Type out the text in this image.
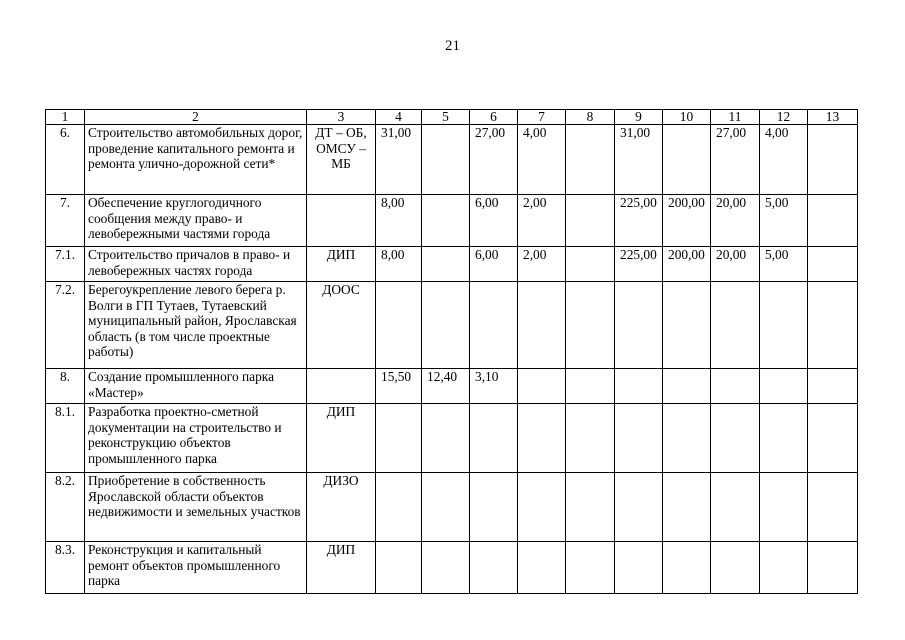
21
1	2	3	4	5	6	7	8	9	10	11	12	13
6.	Строительство автомобильных дорог, проведение капитального ремонта и ремонта улично-дорожной сети*	ДТ – ОБ, ОМСУ – МБ	31,00		27,00	4,00		31,00		27,00	4,00	
7.	Обеспечение круглогодичного сообщения между право- и левобережными частями города		8,00		6,00	2,00		225,00	200,00	20,00	5,00	
7.1.	Строительство причалов в право- и левобережных частях города	ДИП	8,00		6,00	2,00		225,00	200,00	20,00	5,00	
7.2.	Берегоукрепление левого берега р. Волги в ГП Тутаев, Тутаевский муниципальный район, Ярославская область (в том числе проектные работы)	ДООС										
8.	Создание промышленного парка «Мастер»		15,50	12,40	3,10							
8.1.	Разработка проектно-сметной документации на строительство и реконструкцию объектов промышленного парка	ДИП										
8.2.	Приобретение в собственность Ярославской области объектов недвижимости и земельных участков	ДИЗО										
8.3.	Реконструкция и капитальный ремонт объектов промышленного парка	ДИП										
